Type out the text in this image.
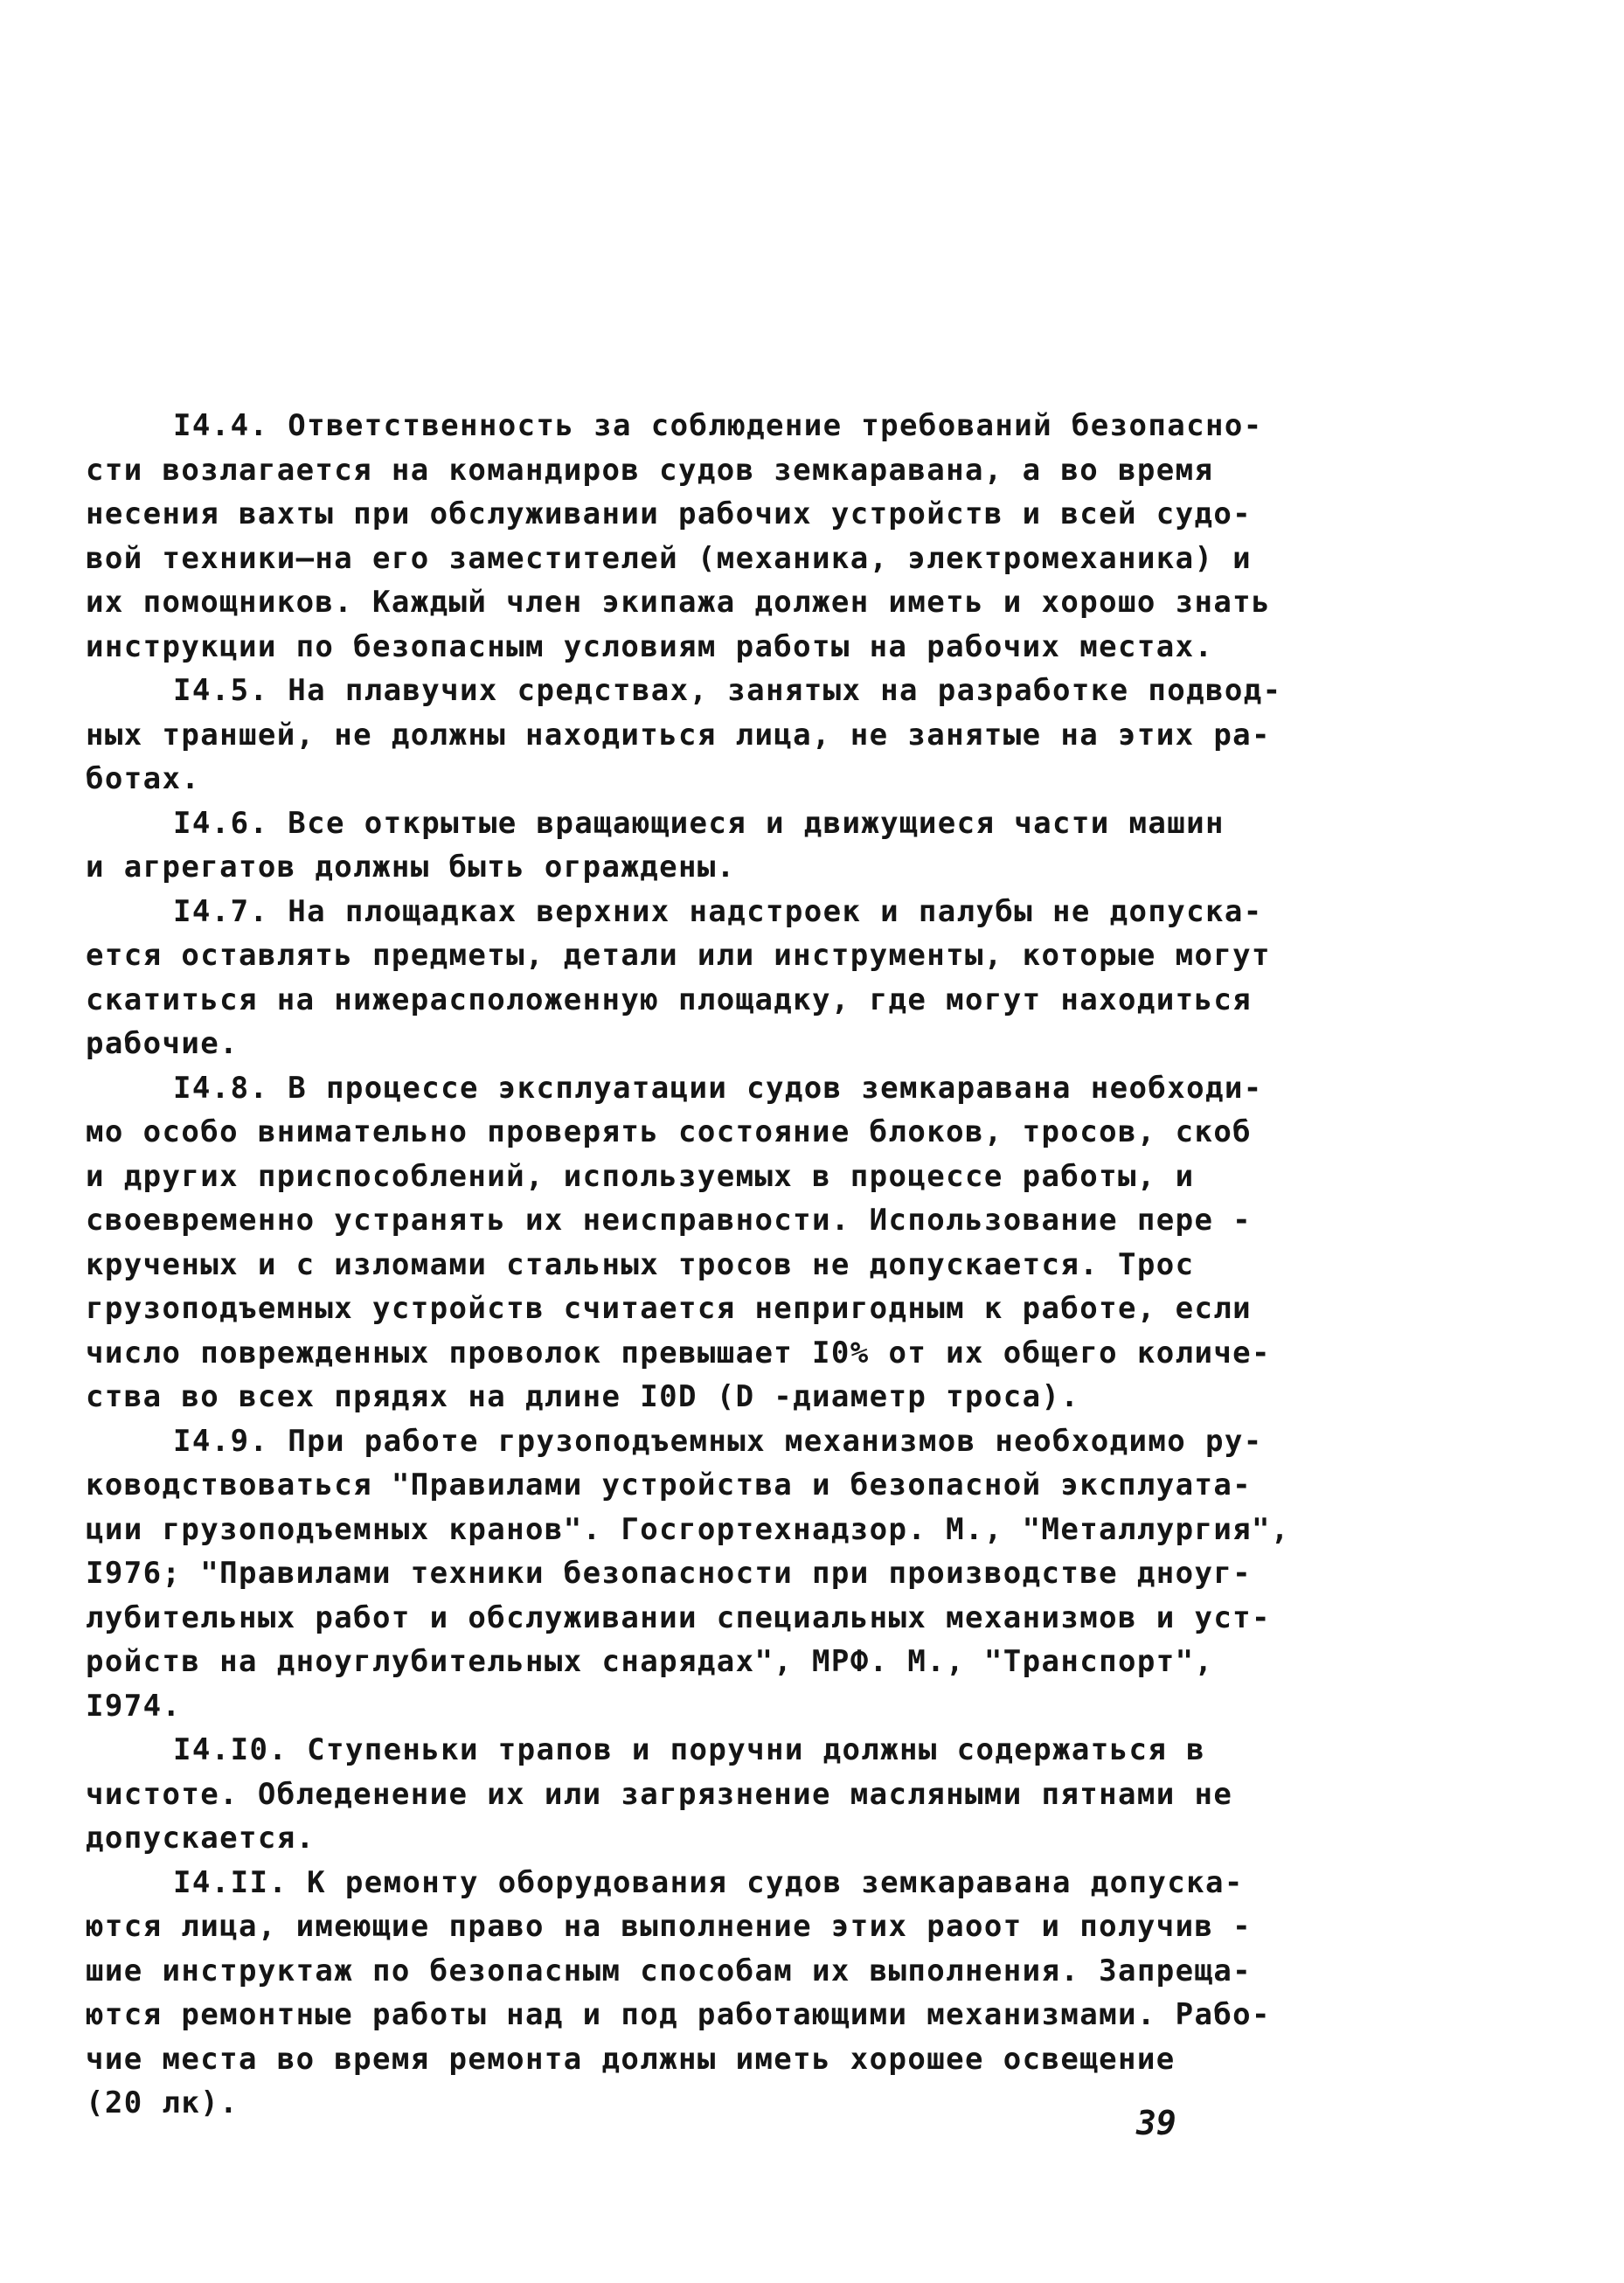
I4.4. Ответственность за соблюдение требований безопасно-
сти возлагается на командиров судов земкаравана, а во время
несения вахты при обслуживании рабочих устройств и всей судо-
вой техники–на его заместителей (механика, электромеханика) и
их помощников. Каждый член экипажа должен иметь и хорошо знать
инструкции по безопасным условиям работы на рабочих местах.
I4.5. На плавучих средствах, занятых на разработке подвод-
ных траншей, не должны находиться лица, не занятые на этих ра-
ботах.
I4.6. Все открытые вращающиеся и движущиеся части машин
и агрегатов должны быть ограждены.
I4.7. На площадках верхних надстроек и палубы не допуска-
ется оставлять предметы, детали или инструменты, которые могут
скатиться на нижерасположенную площадку, где могут находиться
рабочие.
I4.8. В процессе эксплуатации судов земкаравана необходи-
мо особо внимательно проверять состояние блоков, тросов, скоб
и других приспособлений, используемых в процессе работы, и
своевременно устранять их неисправности. Использование пере -
крученых и с изломами стальных тросов не допускается. Трос
грузоподъемных устройств считается непригодным к работе, если
число поврежденных проволок превышает I0% от их общего количе-
ства во всех прядях на длине I0D (D -диаметр троса).
I4.9. При работе грузоподъемных механизмов необходимо ру-
ководствоваться "Правилами устройства и безопасной эксплуата-
ции грузоподъемных кранов". Госгортехнадзор. М., "Металлургия",
I976; "Правилами техники безопасности при производстве дноуг-
лубительных работ и обслуживании специальных механизмов и уст-
ройств на дноуглубительных снарядах", МРФ. М., "Транспорт",
I974.
I4.I0. Ступеньки трапов и поручни должны содержаться в
чистоте. Обледенение их или загрязнение масляными пятнами не
допускается.
I4.II. К ремонту оборудования судов земкаравана допуска-
ются лица, имеющие право на выполнение этих раоот и получив -
шие инструктаж по безопасным способам их выполнения. Запреща-
ются ремонтные работы над и под работающими механизмами. Рабо-
чие места во время ремонта должны иметь хорошее освещение
(20 лк).
39
